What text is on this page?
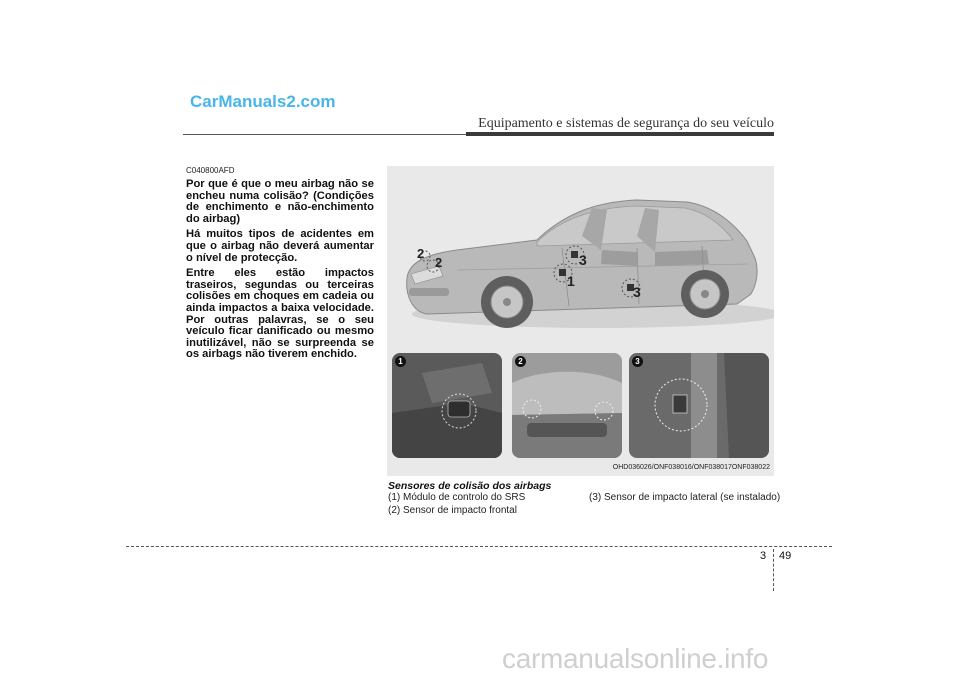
CarManuals2.com
Equipamento e sistemas de segurança do seu veículo
C040800AFD

Por que é que o meu airbag não se encheu numa colisão? (Condições de enchimento e não-enchimento do airbag)

Há muitos tipos de acidentes em que o airbag não deverá aumentar o nível de protecção.

Entre eles estão impactos traseiros, segundas ou terceiras colisões em choques em cadeia ou ainda impactos a baixa velocidade. Por outras palavras, se o seu veículo ficar danificado ou mesmo inutilizável, não se surpreenda se os airbags não tiverem enchido.

1
2
2	3
3
1	2	3
OHD036026/ONF038016/ONF038017ONF038022
Sensores de colisão dos airbags
(1) Módulo de controlo do SRS
(2) Sensor de impacto frontal
(3) Sensor de impacto lateral (se instalado)
3 49
carmanualsonline.info
